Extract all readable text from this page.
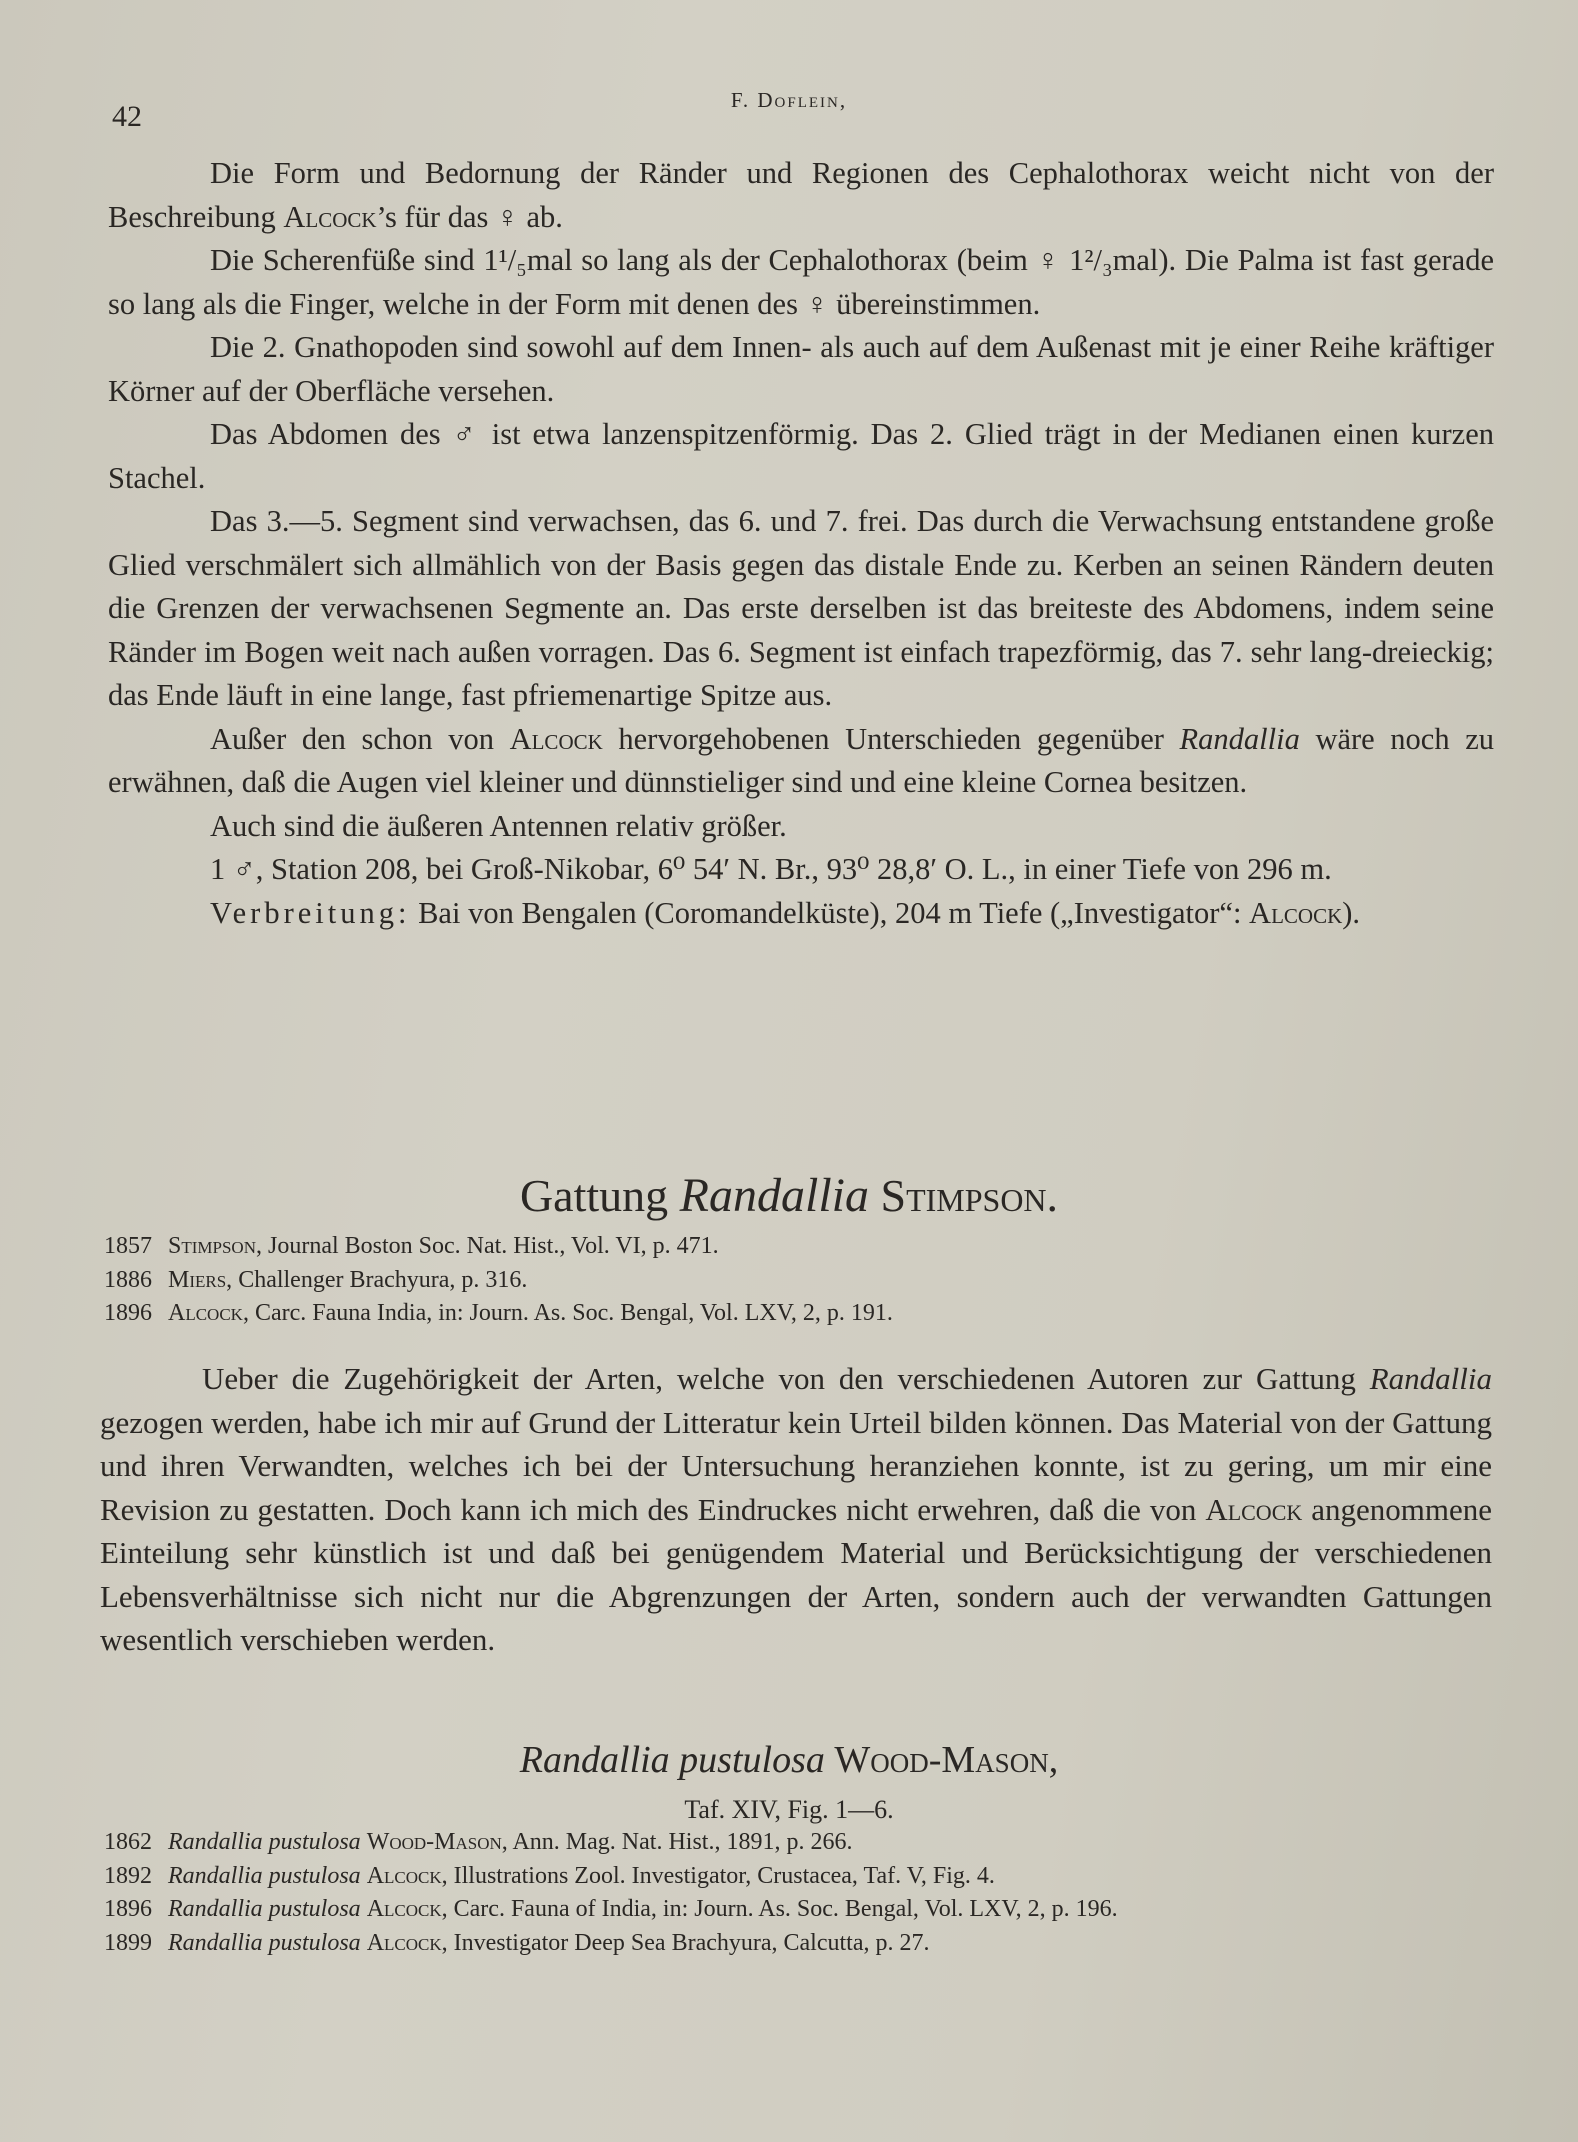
42	F. Doflein,

Die Form und Bedornung der Ränder und Regionen des Cephalothorax weicht nicht von der Beschreibung Alcock’s für das ♀ ab.

Die Scherenfüße sind 1¹/₅mal so lang als der Cephalothorax (beim ♀ 1²/₃mal). Die Palma ist fast gerade so lang als die Finger, welche in der Form mit denen des ♀ übereinstimmen.

Die 2. Gnathopoden sind sowohl auf dem Innen- als auch auf dem Außenast mit je einer Reihe kräftiger Körner auf der Oberfläche versehen.

Das Abdomen des ♂ ist etwa lanzenspitzenförmig. Das 2. Glied trägt in der Medianen einen kurzen Stachel.

Das 3.—5. Segment sind verwachsen, das 6. und 7. frei. Das durch die Verwachsung entstandene große Glied verschmälert sich allmählich von der Basis gegen das distale Ende zu. Kerben an seinen Rändern deuten die Grenzen der verwachsenen Segmente an. Das erste derselben ist das breiteste des Abdomens, indem seine Ränder im Bogen weit nach außen vorragen. Das 6. Segment ist einfach trapezförmig, das 7. sehr lang-dreieckig; das Ende läuft in eine lange, fast pfriemenartige Spitze aus.

Außer den schon von Alcock hervorgehobenen Unterschieden gegenüber Randallia wäre noch zu erwähnen, daß die Augen viel kleiner und dünnstieliger sind und eine kleine Cornea besitzen.

Auch sind die äußeren Antennen relativ größer.

1 ♂, Station 208, bei Groß-Nikobar, 6⁰ 54′ N. Br., 93⁰ 28,8′ O. L., in einer Tiefe von 296 m.

Verbreitung: Bai von Bengalen (Coromandelküste), 204 m Tiefe („Investigator“: Alcock).

Gattung Randallia Stimpson.
1857 Stimpson, Journal Boston Soc. Nat. Hist., Vol. VI, p. 471.
1886 Miers, Challenger Brachyura, p. 316.
1896 Alcock, Carc. Fauna India, in: Journ. As. Soc. Bengal, Vol. LXV, 2, p. 191.

Ueber die Zugehörigkeit der Arten, welche von den verschiedenen Autoren zur Gattung Randallia gezogen werden, habe ich mir auf Grund der Litteratur kein Urteil bilden können. Das Material von der Gattung und ihren Verwandten, welches ich bei der Untersuchung heranziehen konnte, ist zu gering, um mir eine Revision zu gestatten. Doch kann ich mich des Eindruckes nicht erwehren, daß die von Alcock angenommene Einteilung sehr künstlich ist und daß bei genügendem Material und Berücksichtigung der verschiedenen Lebensverhältnisse sich nicht nur die Abgrenzungen der Arten, sondern auch der verwandten Gattungen wesentlich verschieben werden.

Randallia pustulosa Wood-Mason,
Taf. XIV, Fig. 1—6.
1862 Randallia pustulosa Wood-Mason, Ann. Mag. Nat. Hist., 1891, p. 266.
1892 Randallia pustulosa Alcock, Illustrations Zool. Investigator, Crustacea, Taf. V, Fig. 4.
1896 Randallia pustulosa Alcock, Carc. Fauna of India, in: Journ. As. Soc. Bengal, Vol. LXV, 2, p. 196.
1899 Randallia pustulosa Alcock, Investigator Deep Sea Brachyura, Calcutta, p. 27.
